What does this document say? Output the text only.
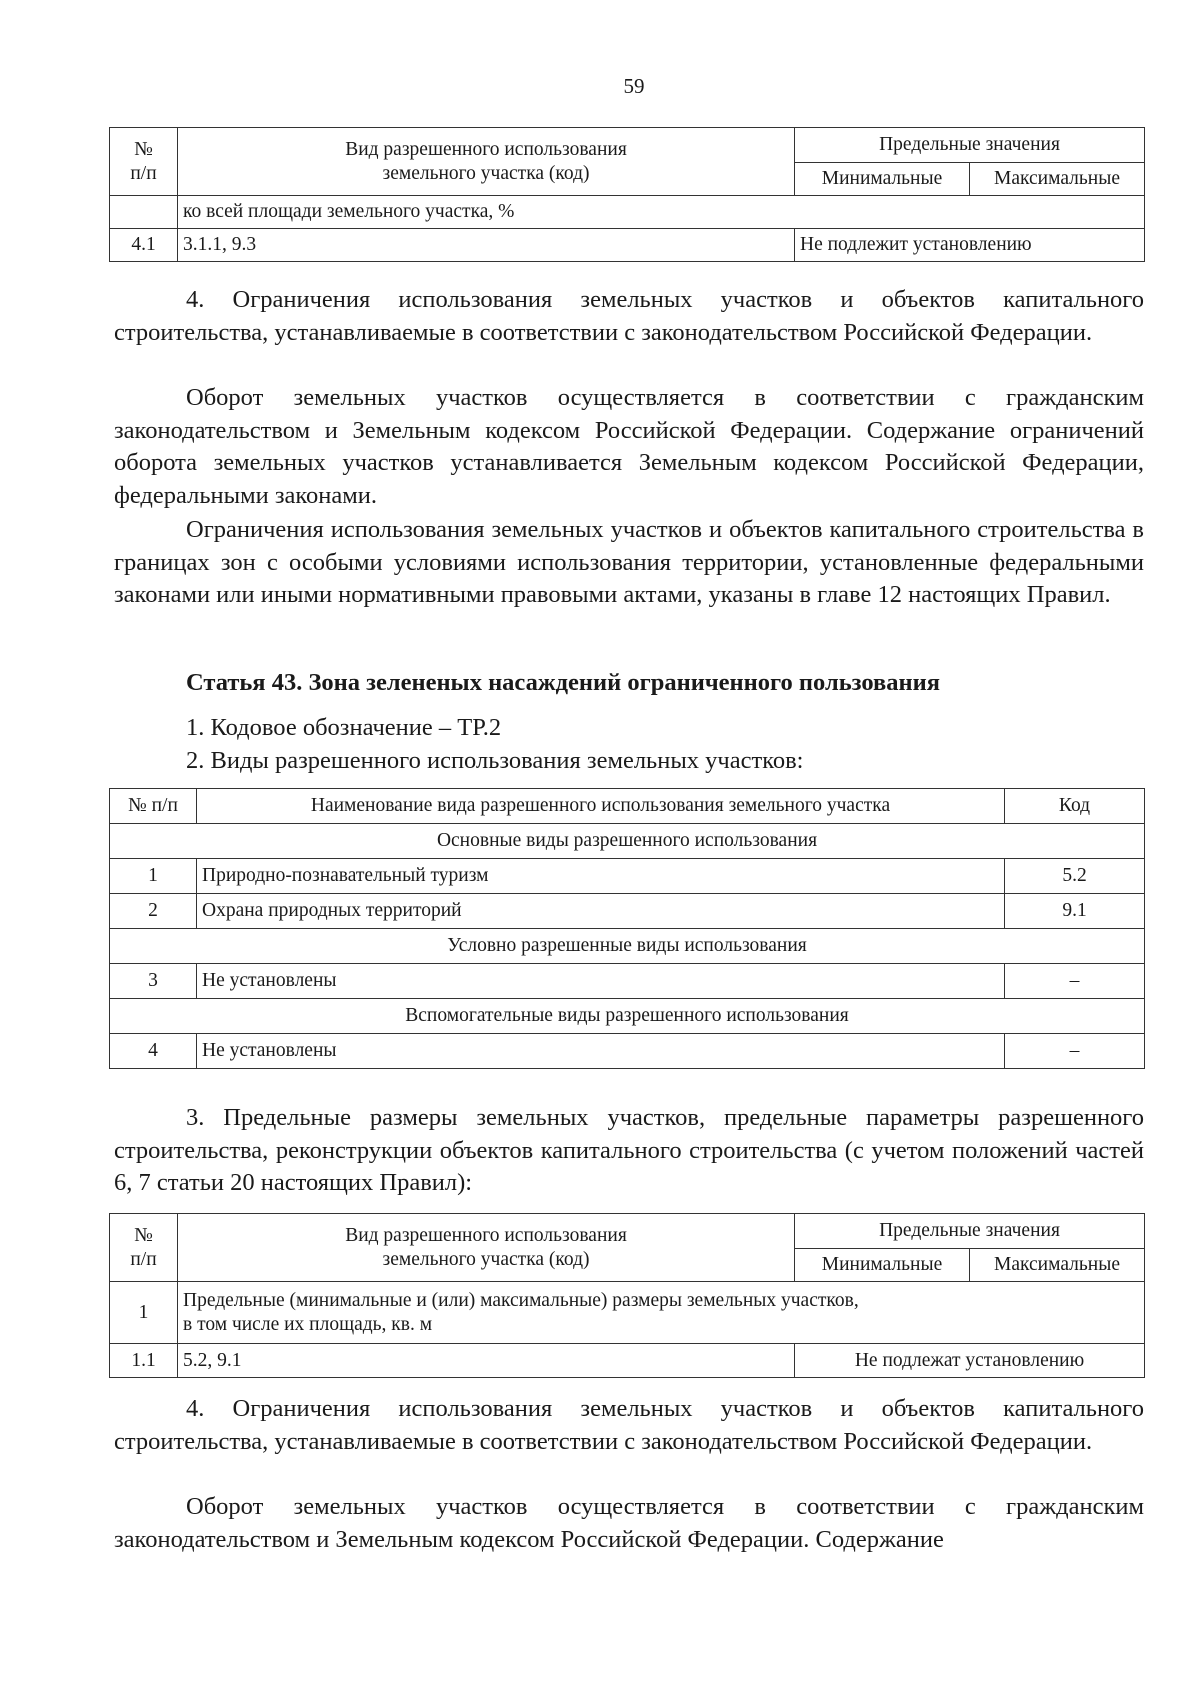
59
№
п/п	Вид разрешенного использования
земельного участка (код)	Предельные значения	
		Минимальные	Максимальные
	ко всей площади земельного участка, %		
4.1	3.1.1, 9.3	Не подлежит установлению	
4. Ограничения использования земельных участков и объектов капитального строительства, устанавливаемые в соответствии с законодательством Российской Федерации.
Оборот земельных участков осуществляется в соответствии с гражданским законодательством и Земельным кодексом Российской Федерации. Содержание ограничений оборота земельных участков устанавливается Земельным кодексом Российской Федерации, федеральными законами.
Ограничения использования земельных участков и объектов капитального строительства в границах зон с особыми условиями использования территории, установленные федеральными законами или иными нормативными правовыми актами, указаны в главе 12 настоящих Правил.
Статья 43. Зона зелененых насаждений ограниченного пользования
1. Кодовое обозначение – ТР.2
2. Виды разрешенного использования земельных участков:
№ п/п	Наименование вида разрешенного использования земельного участка	Код
Основные виды разрешенного использования		
1	Природно-познавательный туризм	5.2
2	Охрана природных территорий	9.1
Условно разрешенные виды использования		
3	Не установлены	–
Вспомогательные виды разрешенного использования		
4	Не установлены	–
3. Предельные размеры земельных участков, предельные параметры разрешенного строительства, реконструкции объектов капитального строительства (с учетом положений частей 6, 7 статьи 20 настоящих Правил):
№
п/п	Вид разрешенного использования
земельного участка (код)	Предельные значения	
		Минимальные	Максимальные
1	Предельные (минимальные и (или) максимальные) размеры земельных участков,
в том числе их площадь, кв. м		
1.1	5.2, 9.1	Не подлежат установлению	
4. Ограничения использования земельных участков и объектов капитального строительства, устанавливаемые в соответствии с законодательством Российской Федерации.
Оборот земельных участков осуществляется в соответствии с гражданским законодательством и Земельным кодексом Российской Федерации. Содержание
